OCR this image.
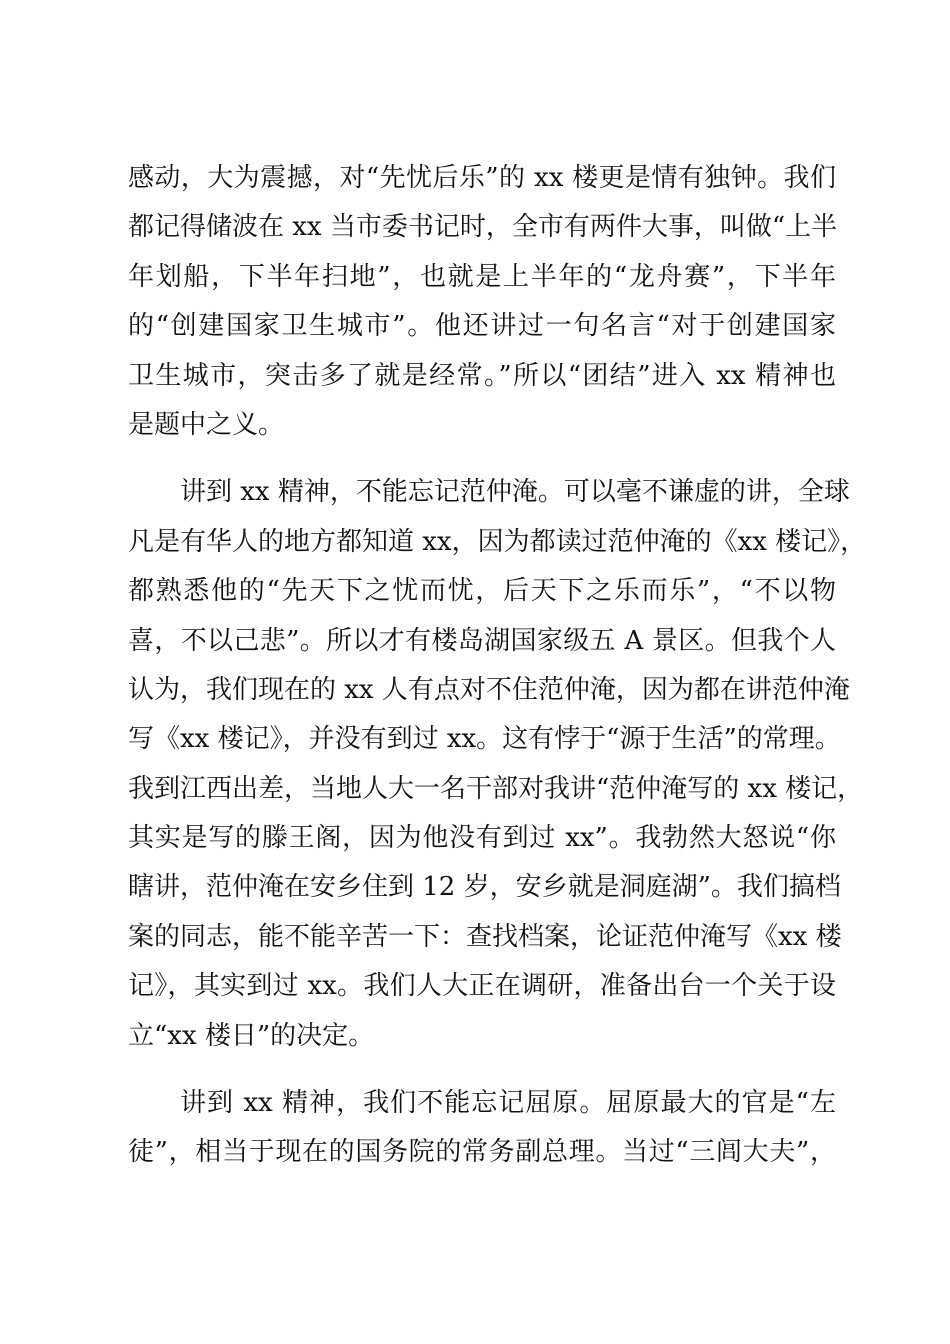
感动，大为震撼，对“先忧后乐”的 xx 楼更是情有独钟。我们
都记得储波在 xx 当市委书记时，全市有两件大事，叫做“上半
年划船，下半年扫地”，也就是上半年的“龙舟赛”，下半年
的“创建国家卫生城市”。他还讲过一句名言“对于创建国家
卫生城市，突击多了就是经常。”所以“团结”进入 xx 精神也
是题中之义。
讲到 xx 精神，不能忘记范仲淹。可以毫不谦虚的讲，全球
凡是有华人的地方都知道 xx，因为都读过范仲淹的《xx 楼记》，
都熟悉他的“先天下之忧而忧，后天下之乐而乐”，“不以物
喜，不以己悲”。所以才有楼岛湖国家级五 A 景区。但我个人
认为，我们现在的 xx 人有点对不住范仲淹，因为都在讲范仲淹
写《xx 楼记》，并没有到过 xx。这有悖于“源于生活”的常理。
我到江西出差，当地人大一名干部对我讲“范仲淹写的 xx 楼记，
其实是写的滕王阁，因为他没有到过 xx”。我勃然大怒说“你
瞎讲，范仲淹在安乡住到 12 岁，安乡就是洞庭湖”。我们搞档
案的同志，能不能辛苦一下：查找档案，论证范仲淹写《xx 楼
记》，其实到过 xx。我们人大正在调研，准备出台一个关于设
立“xx 楼日”的决定。
讲到 xx 精神，我们不能忘记屈原。屈原最大的官是“左
徒”，相当于现在的国务院的常务副总理。当过“三闾大夫”，
